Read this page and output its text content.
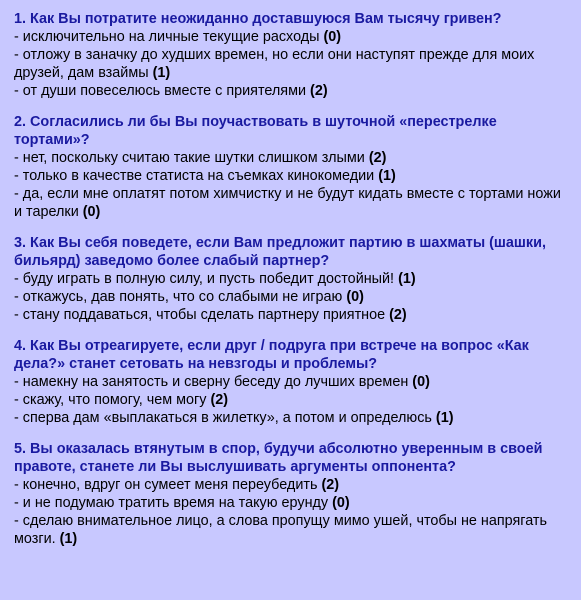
1. Как Вы потратите неожиданно доставшуюся Вам тысячу гривен?

- исключительно на личные текущие расходы (0)

- отложу в заначку до худших времен, но если они наступят прежде для моих друзей, дам взаймы (1)

- от души повеселюсь вместе с приятелями (2)

2. Согласились ли бы Вы поучаствовать в шуточной «перестрелке тортами»?

- нет, поскольку считаю такие шутки слишком злыми (2)

- только в качестве статиста на съемках кинокомедии (1)

- да, если мне оплатят потом химчистку и не будут кидать вместе с тортами ножи и тарелки (0)

3. Как Вы себя поведете, если Вам предложит партию в шахматы (шашки, бильярд) заведомо более слабый партнер?

- буду играть в полную силу, и пусть победит достойный! (1)

- откажусь, дав понять, что со слабыми не играю (0)

- стану поддаваться, чтобы сделать партнеру приятное (2)

4. Как Вы отреагируете, если друг / подруга при встрече на вопрос «Как дела?» станет сетовать на невзгоды и проблемы?

- намекну на занятость и сверну беседу до лучших времен (0)

- скажу, что помогу, чем могу (2)

- сперва дам «выплакаться в жилетку», а потом и определюсь (1)

5. Вы оказалась втянутым в спор, будучи абсолютно уверенным в своей правоте, станете ли Вы выслушивать аргументы оппонента?

- конечно, вдруг он сумеет меня переубедить (2)

- и не подумаю тратить время на такую ерунду (0)

- сделаю внимательное лицо, а слова пропущу мимо ушей, чтобы не напрягать мозги. (1)
